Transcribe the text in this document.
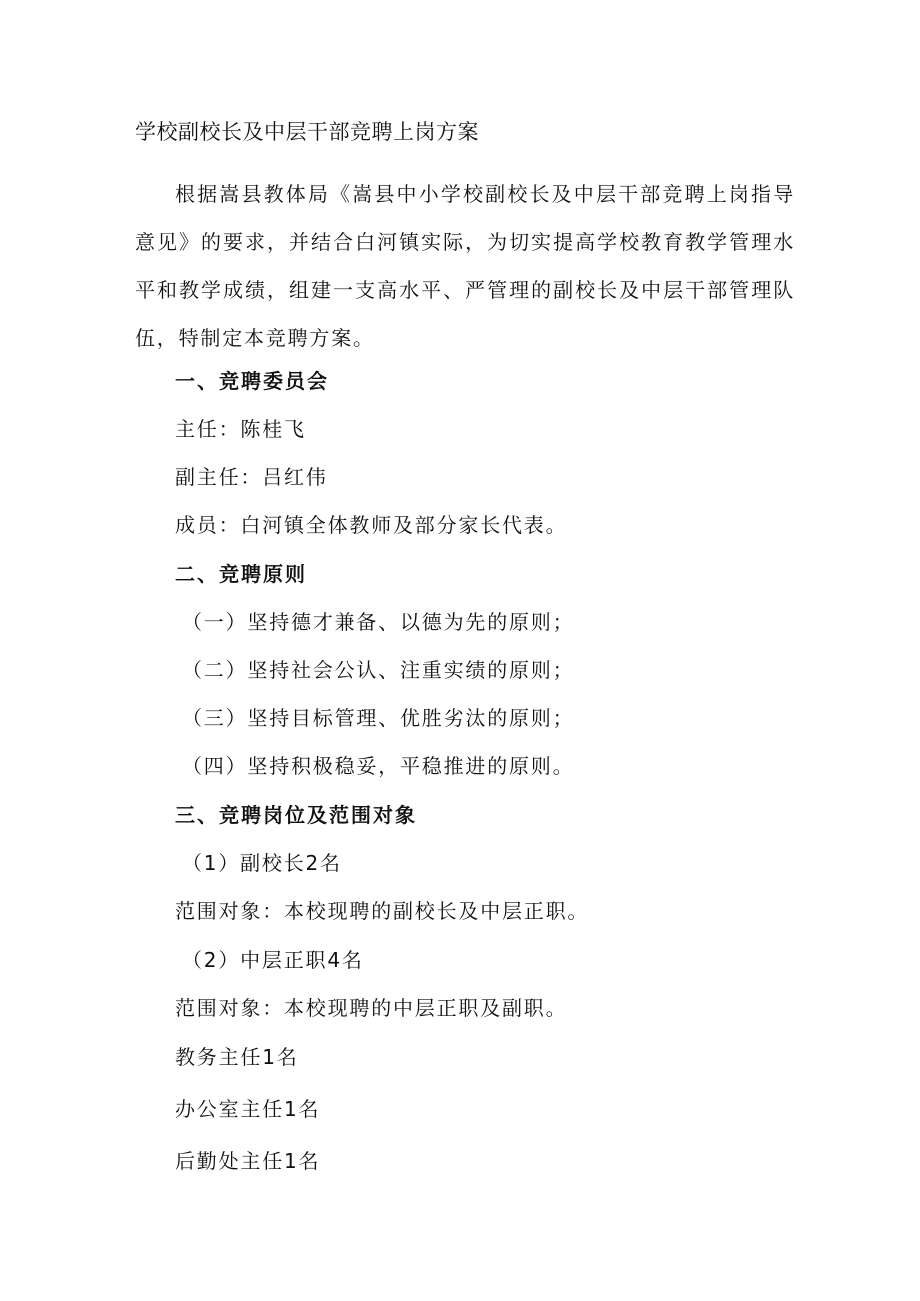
学校副校长及中层干部竞聘上岗方案

根据嵩县教体局《嵩县中小学校副校长及中层干部竞聘上岗指导意见》的要求，并结合白河镇实际，为切实提高学校教育教学管理水平和教学成绩，组建一支高水平、严管理的副校长及中层干部管理队伍，特制定本竞聘方案。

一、竞聘委员会
主任：陈桂飞
副主任：吕红伟
成员：白河镇全体教师及部分家长代表。
二、竞聘原则
（一）坚持德才兼备、以德为先的原则；
（二）坚持社会公认、注重实绩的原则；
（三）坚持目标管理、优胜劣汰的原则；
（四）坚持积极稳妥，平稳推进的原则。
三、竞聘岗位及范围对象
（1）副校长2名
范围对象：本校现聘的副校长及中层正职。
（2）中层正职4名
范围对象：本校现聘的中层正职及副职。
教务主任1名
办公室主任1名
后勤处主任1名
